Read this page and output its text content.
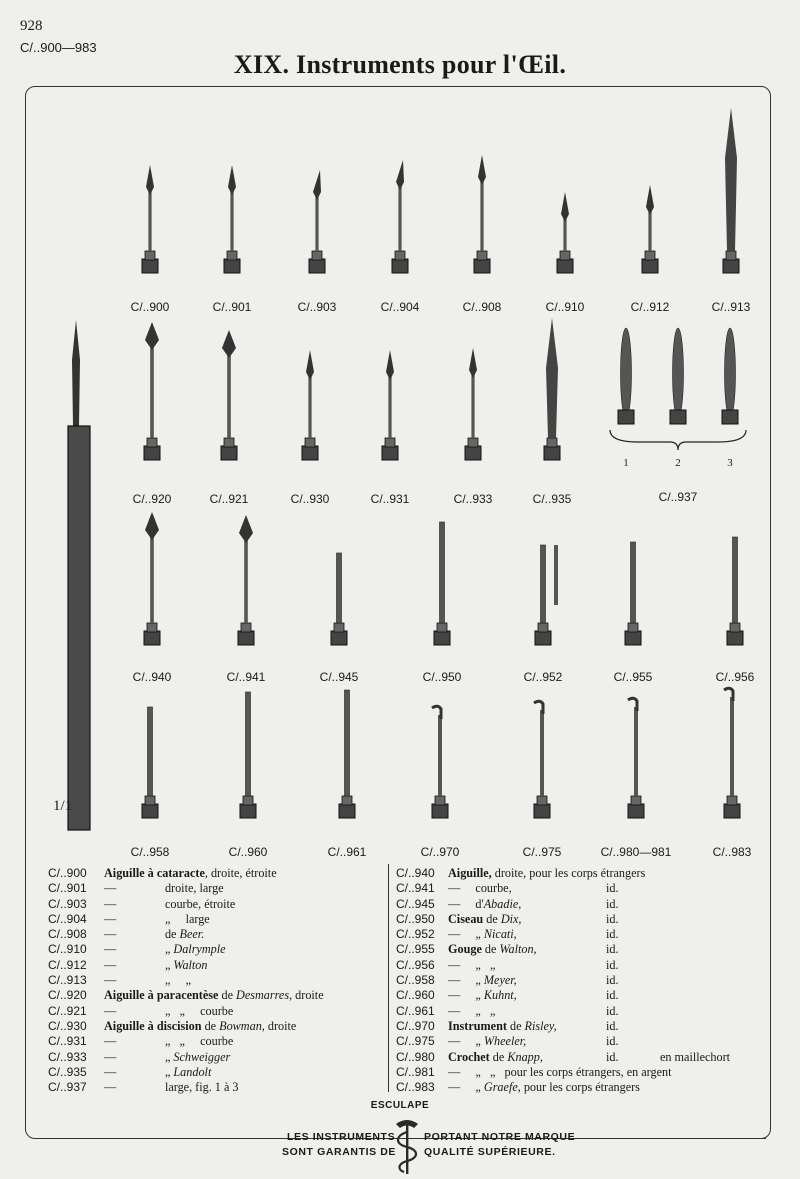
928
C/..900—983
XIX. Instruments pour l'Œil.
C/..900	C/..901	C/..903	C/..904	C/..908	C/..910	C/..912	C/..913
C/..920	C/..921	C/..930	C/..931	C/..933	C/..935	C/..937
1	2	3
C/..940	C/..941	C/..945	C/..950	C/..952	C/..955	C/..956
C/..958	C/..960	C/..961	C/..970	C/..975	C/..980—981	C/..983
1/1
C/..900 Aiguille à cataracte, droite, étroite
C/..901 —                droite, large
C/..903 —                courbe, étroite
C/..904 —                „     large
C/..908 —                de Beer.
C/..910 —                „ Dalrymple
C/..912 —                „ Walton
C/..913 —                „     „
C/..920 Aiguille à paracentèse de Desmarres, droite
C/..921 —                „   „     courbe
C/..930 Aiguille à discision de Bowman, droite
C/..931 —                „   „     courbe
C/..933 —                „ Schweigger
C/..935 —                „ Landolt
C/..937 —                large, fig. 1 à 3
C/..940 Aiguille, droite, pour les corps étrangers
C/..941 —     courbe,	id.
C/..945 —     d'Abadie,	id.
C/..950 Ciseau de Dix,	id.
C/..952 —     „ Nicati,	id.
C/..955 Gouge de Walton,	id.
C/..956 —     „   „	id.
C/..958 —     „ Meyer,	id.
C/..960 —     „ Kuhnt,	id.
C/..961 —     „   „	id.
C/..970 Instrument de Risley,	id.
C/..975 —     „ Wheeler,	id.
C/..980 Crochet de Knapp,	id.	en maillechort
C/..981 —     „   „   pour les corps étrangers, en argent
C/..983 —     „ Graefe, pour les corps étrangers
ESCULAPE
LES INSTRUMENTS
SONT GARANTIS DE
PORTANT NOTRE MARQUE
QUALITÉ SUPÉRIEURE.
